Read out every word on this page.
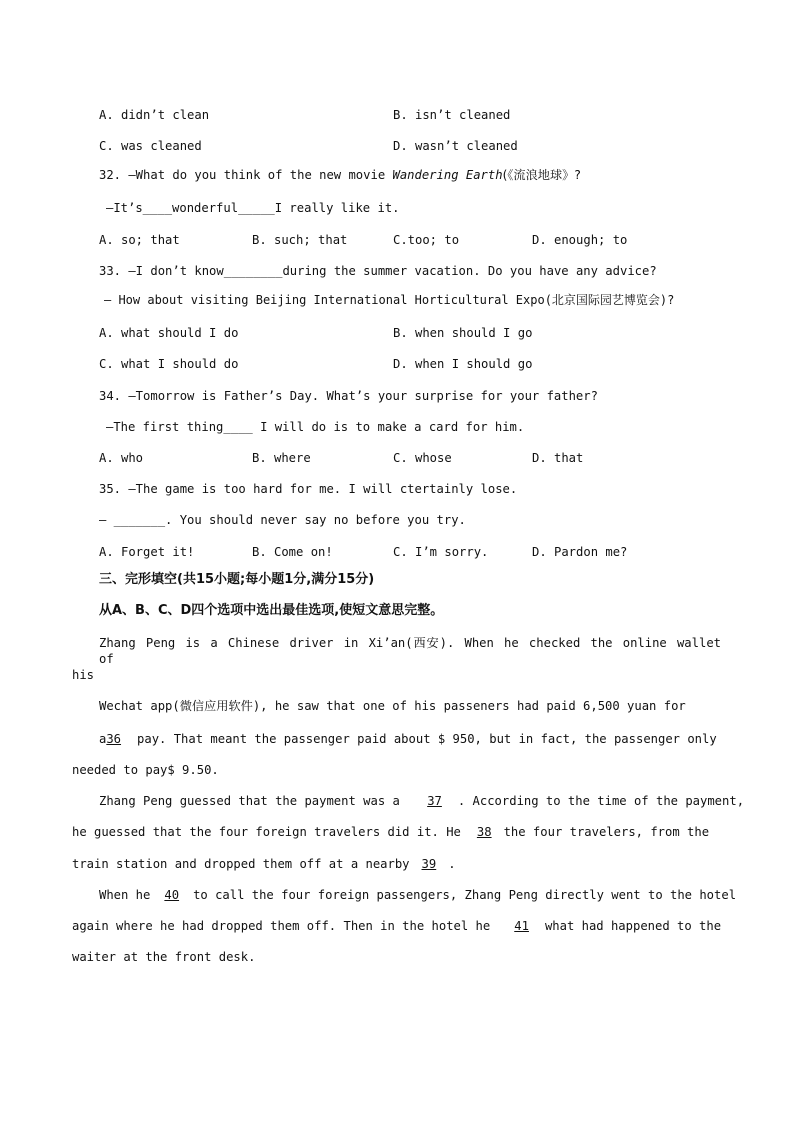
A. didn’t clean	B. isn’t cleaned
C. was cleaned	D. wasn’t cleaned
32. —What do you think of the new movie Wandering Earth(《流浪地球》?
—It’s____wonderful_____I really like it.
A. so; that	B. such; that	C.too; to	D. enough; to
33. —I don’t know________during the summer vacation. Do you have any advice?
— How about visiting Beijing International Horticultural Expo(北京国际园艺博览会)?
A. what should I do	B. when should I go
C. what I should do	D. when I should go
34. —Tomorrow is Father’s Day. What’s your surprise for your father?
—The first thing____ I will do is to make a card for him.
A. who	B. where	C. whose	D. that
35. —The game is too hard for me. I will ctertainly lose.
— _______. You should never say no before you try.
A. Forget it!	B. Come on!	C. I’m sorry.	D. Pardon me?
三、完形填空(共15小题;每小题1分,满分15分)
从A、B、C、D四个选项中选出最佳选项,使短文意思完整。
Zhang Peng is a Chinese driver in Xi’an(西安). When he checked the online wallet of
his
Wechat app(微信应用软件), he saw that one of his passeners had paid 6,500 yuan for
a36 pay. That meant the passenger paid about $ 950, but in fact, the passenger only
needed to pay$ 9.50.
Zhang Peng guessed that the payment was a 37 . According to the time of the payment,
he guessed that the four foreign travelers did it. He 38 the four travelers, from the
train station and dropped them off at a nearby 39 .
When he 40 to call the four foreign passengers, Zhang Peng directly went to the hotel
again where he had dropped them off. Then in the hotel he 41 what had happened to the
waiter at the front desk.
